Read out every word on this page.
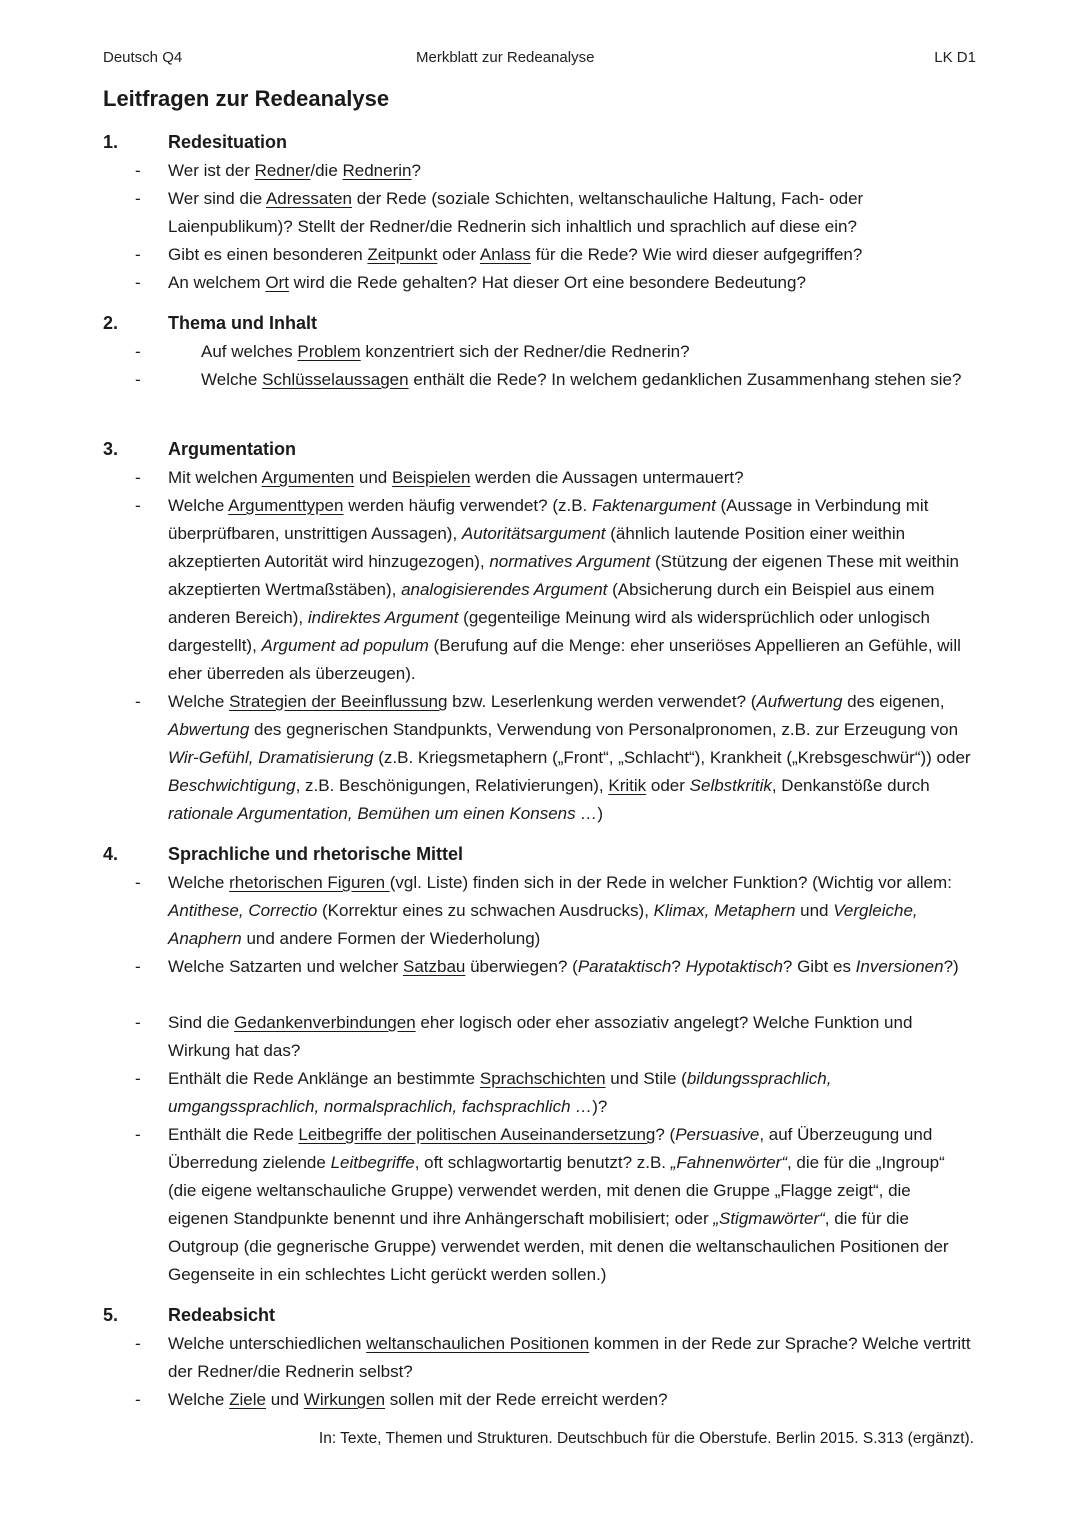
Deutsch Q4	Merkblatt zur Redeanalyse	LK D1
Leitfragen zur Redeanalyse
1.	Redesituation
- Wer ist der Redner/die Rednerin?
- Wer sind die Adressaten der Rede (soziale Schichten, weltanschauliche Haltung, Fach- oder Laienpublikum)? Stellt der Redner/die Rednerin sich inhaltlich und sprachlich auf diese ein?
- Gibt es einen besonderen Zeitpunkt oder Anlass für die Rede? Wie wird dieser aufgegriffen?
- An welchem Ort wird die Rede gehalten? Hat dieser Ort eine besondere Bedeutung?
2.	Thema und Inhalt
-	Auf welches Problem konzentriert sich der Redner/die Rednerin?
-	Welche Schlüsselaussagen enthält die Rede? In welchem gedanklichen Zusammenhang stehen sie?
3.	Argumentation
- Mit welchen Argumenten und Beispielen werden die Aussagen untermauert?
- Welche Argumenttypen werden häufig verwendet? (z.B. Faktenargument (Aussage in Verbindung mit überprüfbaren, unstrittigen Aussagen), Autoritätsargument (ähnlich lautende Position einer weithin akzeptierten Autorität wird hinzugezogen), normatives Argument (Stützung der eigenen These mit weithin akzeptierten Wertmaßstäben), analogisierendes Argument (Absicherung durch ein Beispiel aus einem anderen Bereich), indirektes Argument (gegenteilige Meinung wird als widersprüchlich oder unlogisch dargestellt), Argument ad populum (Berufung auf die Menge: eher unseriöses Appellieren an Gefühle, will eher überreden als überzeugen).
- Welche Strategien der Beeinflussung bzw. Leserlenkung werden verwendet? (Aufwertung des eigenen, Abwertung des gegnerischen Standpunkts, Verwendung von Personalpronomen, z.B. zur Erzeugung von Wir-Gefühl, Dramatisierung (z.B. Kriegsmetaphern („Front“, „Schlacht“), Krankheit („Krebsgeschwür“)) oder Beschwichtigung, z.B. Beschönigungen, Relativierungen), Kritik oder Selbstkritik, Denkanstöße durch rationale Argumentation, Bemühen um einen Konsens …)
4.	Sprachliche und rhetorische Mittel
- Welche rhetorischen Figuren (vgl. Liste) finden sich in der Rede in welcher Funktion? (Wichtig vor allem: Antithese, Correctio (Korrektur eines zu schwachen Ausdrucks), Klimax, Metaphern und Vergleiche, Anaphern und andere Formen der Wiederholung)
- Welche Satzarten und welcher Satzbau überwiegen? (Parataktisch? Hypotaktisch? Gibt es Inversionen?)
- Sind die Gedankenverbindungen eher logisch oder eher assoziativ angelegt? Welche Funktion und Wirkung hat das?
- Enthält die Rede Anklänge an bestimmte Sprachschichten und Stile (bildungssprachlich, umgangssprachlich, normalsprachlich, fachsprachlich …)?
- Enthält die Rede Leitbegriffe der politischen Auseinandersetzung? (Persuasive, auf Überzeugung und Überredung zielende Leitbegriffe, oft schlagwortartig benutzt? z.B. „Fahnenwörter“, die für die „Ingroup“ (die eigene weltanschauliche Gruppe) verwendet werden, mit denen die Gruppe „Flagge zeigt“, die eigenen Standpunkte benennt und ihre Anhängerschaft mobilisiert; oder „Stigmawörter“, die für die Outgroup (die gegnerische Gruppe) verwendet werden, mit denen die weltanschaulichen Positionen der Gegenseite in ein schlechtes Licht gerückt werden sollen.)
5.	Redeabsicht
- Welche unterschiedlichen weltanschaulichen Positionen kommen in der Rede zur Sprache? Welche vertritt der Redner/die Rednerin selbst?
- Welche Ziele und Wirkungen sollen mit der Rede erreicht werden?
In: Texte, Themen und Strukturen. Deutschbuch für die Oberstufe. Berlin 2015. S.313 (ergänzt).
